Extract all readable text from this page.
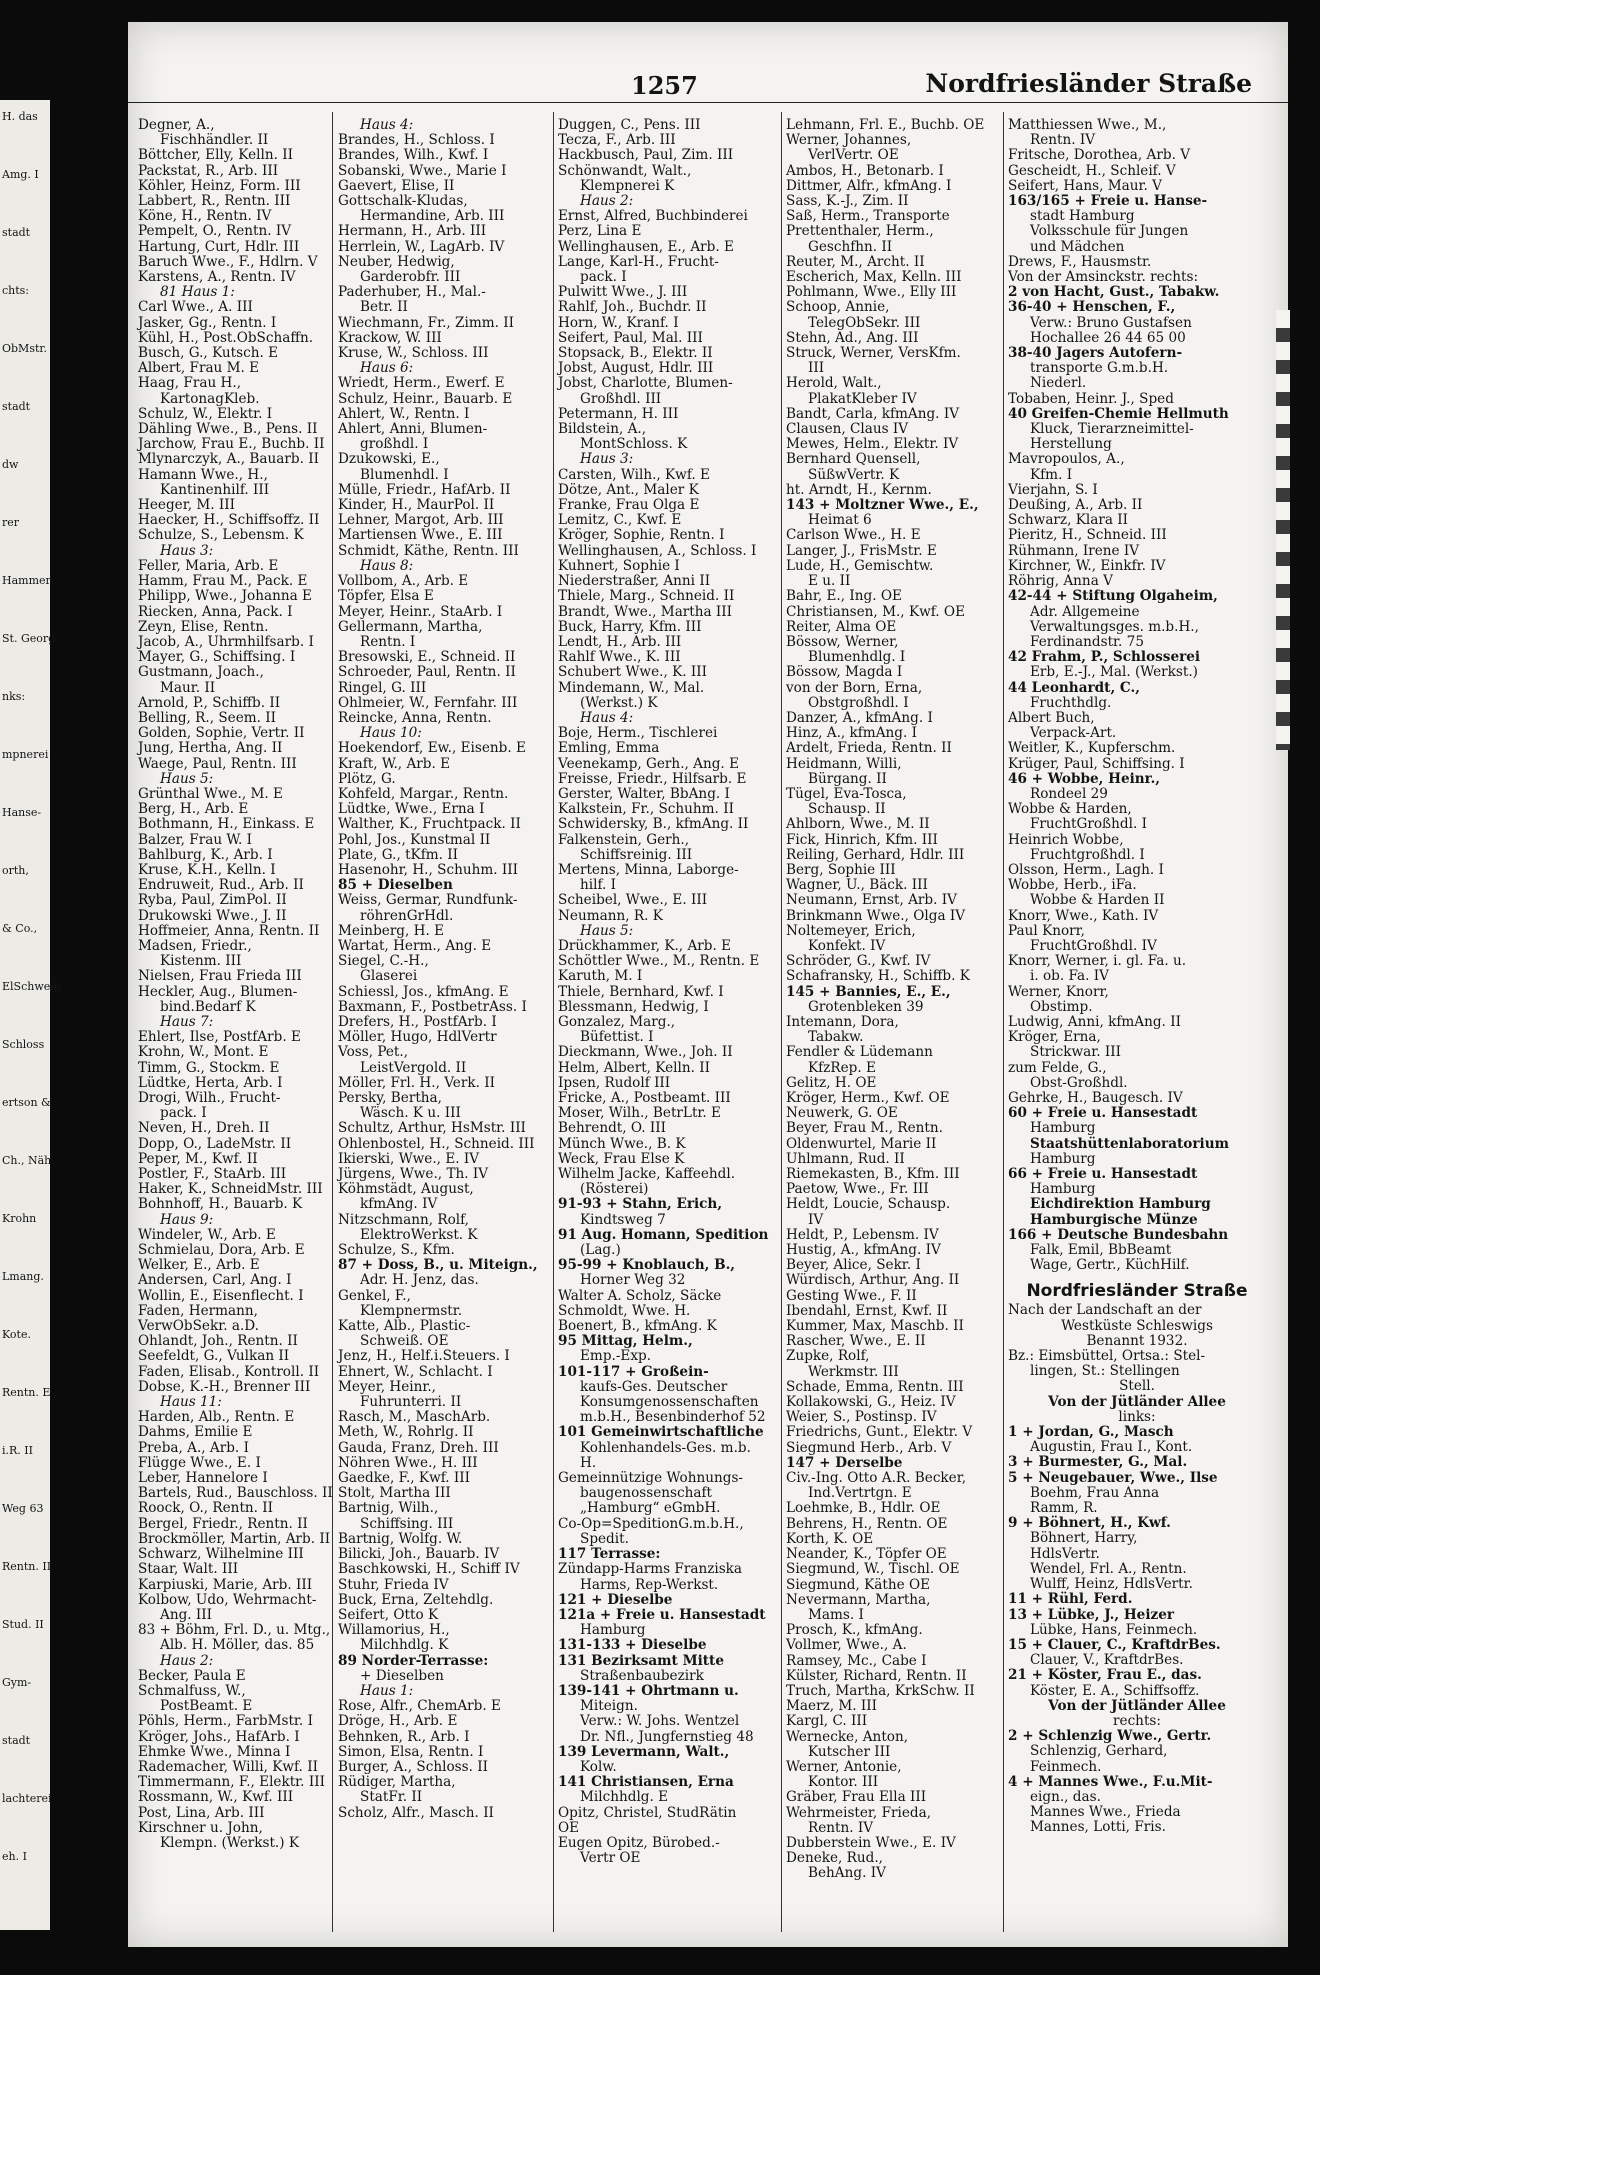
H. das
Amg. I
stadt
chts:
ObMstr.
stadt
dw
rer
Hammer-
St. Georg
nks:
mpnerei
Hanse-
orth,
& Co.,
ElSchweiß
Schloss
ertson &
Ch., Näh
Krohn
Lmang.
Kote.
Rentn. E
i.R. II
Weg 63
Rentn. II
Stud. II
Gym-
stadt
lachterei
eh. I
1257	Nordfriesländer Straße
Degner, A.,
Fischhändler. II
Böttcher, Elly, Kelln. II
Packstat, R., Arb. III
Köhler, Heinz, Form. III
Labbert, R., Rentn. III
Köne, H., Rentn. IV
Pempelt, O., Rentn. IV
Hartung, Curt, Hdlr. III
Baruch Wwe., F., Hdlrn. V
Karstens, A., Rentn. IV
81 Haus 1:
Carl Wwe., A. III
Jasker, Gg., Rentn. I
Kühl, H., Post.ObSchaffn.
Busch, G., Kutsch. E
Albert, Frau M. E
Haag, Frau H.,
KartonagKleb.
Schulz, W., Elektr. I
Dähling Wwe., B., Pens. II
Jarchow, Frau E., Buchb. II
Mlynarczyk, A., Bauarb. II
Hamann Wwe., H.,
Kantinenhilf. III
Heeger, M. III
Haecker, H., Schiffsoffz. II
Schulze, S., Lebensm. K
Haus 3:
Feller, Maria, Arb. E
Hamm, Frau M., Pack. E
Philipp, Wwe., Johanna E
Riecken, Anna, Pack. I
Zeyn, Elise, Rentn.
Jacob, A., Uhrmhilfsarb. I
Mayer, G., Schiffsing. I
Gustmann, Joach.,
Maur. II
Arnold, P., Schiffb. II
Belling, R., Seem. II
Golden, Sophie, Vertr. II
Jung, Hertha, Ang. II
Waege, Paul, Rentn. III
Haus 5:
Grünthal Wwe., M. E
Berg, H., Arb. E
Bothmann, H., Einkass. E
Balzer, Frau W. I
Bahlburg, K., Arb. I
Kruse, K.H., Kelln. I
Endruweit, Rud., Arb. II
Ryba, Paul, ZimPol. II
Drukowski Wwe., J. II
Hoffmeier, Anna, Rentn. II
Madsen, Friedr.,
Kistenm. III
Nielsen, Frau Frieda III
Heckler, Aug., Blumen-
bind.Bedarf K
Haus 7:
Ehlert, Ilse, PostfArb. E
Krohn, W., Mont. E
Timm, G., Stockm. E
Lüdtke, Herta, Arb. I
Drogi, Wilh., Frucht-
pack. I
Neven, H., Dreh. II
Dopp, O., LadeMstr. II
Peper, M., Kwf. II
Postler, F., StaArb. III
Haker, K., SchneidMstr. III
Bohnhoff, H., Bauarb. K
Haus 9:
Windeler, W., Arb. E
Schmielau, Dora, Arb. E
Welker, E., Arb. E
Andersen, Carl, Ang. I
Wollin, E., Eisenflecht. I
Faden, Hermann,
VerwObSekr. a.D.
Ohlandt, Joh., Rentn. II
Seefeldt, G., Vulkan II
Faden, Elisab., Kontroll. II
Dobse, K.-H., Brenner III
Haus 11:
Harden, Alb., Rentn. E
Dahms, Emilie E
Preba, A., Arb. I
Flügge Wwe., E. I
Leber, Hannelore I
Bartels, Rud., Bauschloss. II
Roock, O., Rentn. II
Bergel, Friedr., Rentn. II
Brockmöller, Martin, Arb. II
Schwarz, Wilhelmine III
Staar, Walt. III
Karpiuski, Marie, Arb. III
Kolbow, Udo, Wehrmacht-
Ang. III
83 + Böhm, Frl. D., u. Mtg.,
Alb. H. Möller, das. 85
Haus 2:
Becker, Paula E
Schmalfuss, W.,
PostBeamt. E
Pöhls, Herm., FarbMstr. I
Kröger, Johs., HafArb. I
Ehmke Wwe., Minna I
Rademacher, Willi, Kwf. II
Timmermann, F., Elektr. III
Rossmann, W., Kwf. III
Post, Lina, Arb. III
Kirschner u. John,
Klempn. (Werkst.) K
Haus 4:
Brandes, H., Schloss. I
Brandes, Wilh., Kwf. I
Sobanski, Wwe., Marie I
Gaevert, Elise, II
Gottschalk-Kludas,
Hermandine, Arb. III
Hermann, H., Arb. III
Herrlein, W., LagArb. IV
Neuber, Hedwig,
Garderobfr. III
Paderhuber, H., Mal.-
Betr. II
Wiechmann, Fr., Zimm. II
Krackow, W. III
Kruse, W., Schloss. III
Haus 6:
Wriedt, Herm., Ewerf. E
Schulz, Heinr., Bauarb. E
Ahlert, W., Rentn. I
Ahlert, Anni, Blumen-
großhdl. I
Dzukowski, E.,
Blumenhdl. I
Mülle, Friedr., HafArb. II
Kinder, H., MaurPol. II
Lehner, Margot, Arb. III
Martiensen Wwe., E. III
Schmidt, Käthe, Rentn. III
Haus 8:
Vollbom, A., Arb. E
Töpfer, Elsa E
Meyer, Heinr., StaArb. I
Gellermann, Martha,
Rentn. I
Bresowski, E., Schneid. II
Schroeder, Paul, Rentn. II
Ringel, G. III
Ohlmeier, W., Fernfahr. III
Reincke, Anna, Rentn.
Haus 10:
Hoekendorf, Ew., Eisenb. E
Kraft, W., Arb. E
Plötz, G.
Kohfeld, Margar., Rentn.
Lüdtke, Wwe., Erna I
Walther, K., Fruchtpack. II
Pohl, Jos., Kunstmal II
Plate, G., tKfm. II
Hasenohr, H., Schuhm. III
85 + Dieselben
Weiss, Germar, Rundfunk-
röhrenGrHdl.
Meinberg, H. E
Wartat, Herm., Ang. E
Siegel, C.-H.,
Glaserei
Schiessl, Jos., kfmAng. E
Baxmann, F., PostbetrAss. I
Drefers, H., PostfArb. I
Möller, Hugo, HdlVertr
Voss, Pet.,
LeistVergold. II
Möller, Frl. H., Verk. II
Persky, Bertha,
Wäsch. K u. III
Schultz, Arthur, HsMstr. III
Ohlenbostel, H., Schneid. III
Ikierski, Wwe., E. IV
Jürgens, Wwe., Th. IV
Köhmstädt, August,
kfmAng. IV
Nitzschmann, Rolf,
ElektroWerkst. K
Schulze, S., Kfm.
87 + Doss, B., u. Miteign.,
Adr. H. Jenz, das.
Genkel, F.,
Klempnermstr.
Katte, Alb., Plastic-
Schweiß. OE
Jenz, H., Helf.i.Steuers. I
Ehnert, W., Schlacht. I
Meyer, Heinr.,
Fuhrunterri. II
Rasch, M., MaschArb.
Meth, W., Rohrlg. II
Gauda, Franz, Dreh. III
Nöhren Wwe., H. III
Gaedke, F., Kwf. III
Stolt, Martha III
Bartnig, Wilh.,
Schiffsing. III
Bartnig, Wolfg. W.
Bilicki, Joh., Bauarb. IV
Baschkowski, H., Schiff IV
Stuhr, Frieda IV
Buck, Erna, Zeltehdlg.
Seifert, Otto K
Willamorius, H.,
Milchhdlg. K
89 Norder-Terrasse:
+ Dieselben
Haus 1:
Rose, Alfr., ChemArb. E
Dröge, H., Arb. E
Behnken, R., Arb. I
Simon, Elsa, Rentn. I
Burger, A., Schloss. II
Rüdiger, Martha,
StatFr. II
Scholz, Alfr., Masch. II
Duggen, C., Pens. III
Tecza, F., Arb. III
Hackbusch, Paul, Zim. III
Schönwandt, Walt.,
Klempnerei K
Haus 2:
Ernst, Alfred, Buchbinderei
Perz, Lina E
Wellinghausen, E., Arb. E
Lange, Karl-H., Frucht-
pack. I
Pulwitt Wwe., J. III
Rahlf, Joh., Buchdr. II
Horn, W., Kranf. I
Seifert, Paul, Mal. III
Stopsack, B., Elektr. II
Jobst, August, Hdlr. III
Jobst, Charlotte, Blumen-
Großhdl. III
Petermann, H. III
Bildstein, A.,
MontSchloss. K
Haus 3:
Carsten, Wilh., Kwf. E
Dötze, Ant., Maler K
Franke, Frau Olga E
Lemitz, C., Kwf. E
Kröger, Sophie, Rentn. I
Wellinghausen, A., Schloss. I
Kuhnert, Sophie I
Niederstraßer, Anni II
Thiele, Marg., Schneid. II
Brandt, Wwe., Martha III
Buck, Harry, Kfm. III
Lendt, H., Arb. III
Rahlf Wwe., K. III
Schubert Wwe., K. III
Mindemann, W., Mal.
(Werkst.) K
Haus 4:
Boje, Herm., Tischlerei
Emling, Emma
Veenekamp, Gerh., Ang. E
Freisse, Friedr., Hilfsarb. E
Gerster, Walter, BbAng. I
Kalkstein, Fr., Schuhm. II
Schwidersky, B., kfmAng. II
Falkenstein, Gerh.,
Schiffsreinig. III
Mertens, Minna, Laborge-
hilf. I
Scheibel, Wwe., E. III
Neumann, R. K
Haus 5:
Drückhammer, K., Arb. E
Schöttler Wwe., M., Rentn. E
Karuth, M. I
Thiele, Bernhard, Kwf. I
Blessmann, Hedwig, I
Gonzalez, Marg.,
Büfettist. I
Dieckmann, Wwe., Joh. II
Helm, Albert, Kelln. II
Ipsen, Rudolf III
Fricke, A., Postbeamt. III
Moser, Wilh., BetrLtr. E
Behrendt, O. III
Münch Wwe., B. K
Weck, Frau Else K
Wilhelm Jacke, Kaffeehdl.
(Rösterei)
91-93 + Stahn, Erich,
Kindtsweg 7
91 Aug. Homann, Spedition
(Lag.)
95-99 + Knoblauch, B.,
Horner Weg 32
Walter A. Scholz, Säcke
Schmoldt, Wwe. H.
Boenert, B., kfmAng. K
95 Mittag, Helm.,
Emp.-Exp.
101-117 + Großein-
kaufs-Ges. Deutscher
Konsumgenossenschaften
m.b.H., Besenbinderhof 52
101 Gemeinwirtschaftliche
Kohlenhandels-Ges. m.b.
H.
Gemeinnützige Wohnungs-
baugenossenschaft
„Hamburg“ eGmbH.
Co-Op=SpeditionG.m.b.H.,
Spedit.
117 Terrasse:
Zündapp-Harms Franziska
Harms, Rep-Werkst.
121 + Dieselbe
121a + Freie u. Hansestadt
Hamburg
131-133 + Dieselbe
131 Bezirksamt Mitte
Straßenbaubezirk
139-141 + Ohrtmann u.
Miteign.
Verw.: W. Johs. Wentzel
Dr. Nfl., Jungfernstieg 48
139 Levermann, Walt.,
Kolw.
141 Christiansen, Erna
Milchhdlg. E
Opitz, Christel, StudRätin
OE
Eugen Opitz, Bürobed.-
Vertr OE
Lehmann, Frl. E., Buchb. OE
Werner, Johannes,
VerlVertr. OE
Ambos, H., Betonarb. I
Dittmer, Alfr., kfmAng. I
Sass, K.-J., Zim. II
Saß, Herm., Transporte
Prettenthaler, Herm.,
Geschfhn. II
Reuter, M., Archt. II
Escherich, Max, Kelln. III
Pohlmann, Wwe., Elly III
Schoop, Annie,
TelegObSekr. III
Stehn, Ad., Ang. III
Struck, Werner, VersKfm.
III
Herold, Walt.,
PlakatKleber IV
Bandt, Carla, kfmAng. IV
Clausen, Claus IV
Mewes, Helm., Elektr. IV
Bernhard Quensell,
SüßwVertr. K
ht. Arndt, H., Kernm.
143 + Moltzner Wwe., E.,
Heimat 6
Carlson Wwe., H. E
Langer, J., FrisMstr. E
Lude, H., Gemischtw.
E u. II
Bahr, E., Ing. OE
Christiansen, M., Kwf. OE
Reiter, Alma OE
Bössow, Werner,
Blumenhdlg. I
Bössow, Magda I
von der Born, Erna,
Obstgroßhdl. I
Danzer, A., kfmAng. I
Hinz, A., kfmAng. I
Ardelt, Frieda, Rentn. II
Heidmann, Willi,
Bürgang. II
Tügel, Eva-Tosca,
Schausp. II
Ahlborn, Wwe., M. II
Fick, Hinrich, Kfm. III
Reiling, Gerhard, Hdlr. III
Berg, Sophie III
Wagner, U., Bäck. III
Neumann, Ernst, Arb. IV
Brinkmann Wwe., Olga IV
Noltemeyer, Erich,
Konfekt. IV
Schröder, G., Kwf. IV
Schafransky, H., Schiffb. K
145 + Bannies, E., E.,
Grotenbleken 39
Intemann, Dora,
Tabakw.
Fendler & Lüdemann
KfzRep. E
Gelitz, H. OE
Kröger, Herm., Kwf. OE
Neuwerk, G. OE
Beyer, Frau M., Rentn.
Oldenwurtel, Marie II
Uhlmann, Rud. II
Riemekasten, B., Kfm. III
Paetow, Wwe., Fr. III
Heldt, Loucie, Schausp.
IV
Heldt, P., Lebensm. IV
Hustig, A., kfmAng. IV
Beyer, Alice, Sekr. I
Würdisch, Arthur, Ang. II
Gesting Wwe., F. II
Ibendahl, Ernst, Kwf. II
Kummer, Max, Maschb. II
Rascher, Wwe., E. II
Zupke, Rolf,
Werkmstr. III
Schade, Emma, Rentn. III
Kollakowski, G., Heiz. IV
Weier, S., Postinsp. IV
Friedrichs, Gunt., Elektr. V
Siegmund Herb., Arb. V
147 + Derselbe
Civ.-Ing. Otto A.R. Becker,
Ind.Vertrtgn. E
Loehmke, B., Hdlr. OE
Behrens, H., Rentn. OE
Korth, K. OE
Neander, K., Töpfer OE
Siegmund, W., Tischl. OE
Siegmund, Käthe OE
Nevermann, Martha,
Mams. I
Prosch, K., kfmAng.
Vollmer, Wwe., A.
Ramsey, Mc., Cabe I
Külster, Richard, Rentn. II
Truch, Martha, KrkSchw. II
Maerz, M. III
Kargl, C. III
Wernecke, Anton,
Kutscher III
Werner, Antonie,
Kontor. III
Gräber, Frau Ella III
Wehrmeister, Frieda,
Rentn. IV
Dubberstein Wwe., E. IV
Deneke, Rud.,
BehAng. IV
Matthiessen Wwe., M.,
Rentn. IV
Fritsche, Dorothea, Arb. V
Gescheidt, H., Schleif. V
Seifert, Hans, Maur. V
163/165 + Freie u. Hanse-
stadt Hamburg
Volksschule für Jungen
und Mädchen
Drews, F., Hausmstr.
Von der Amsinckstr. rechts:
2 von Hacht, Gust., Tabakw.
36-40 + Henschen, F.,
Verw.: Bruno Gustafsen
Hochallee 26 44 65 00
38-40 Jagers Autofern-
transporte G.m.b.H.
Niederl.
Tobaben, Heinr. J., Sped
40 Greifen-Chemie Hellmuth
Kluck, Tierarzneimittel-
Herstellung
Mavropoulos, A.,
Kfm. I
Vierjahn, S. I
Deußing, A., Arb. II
Schwarz, Klara II
Pieritz, H., Schneid. III
Rühmann, Irene IV
Kirchner, W., Einkfr. IV
Röhrig, Anna V
42-44 + Stiftung Olgaheim,
Adr. Allgemeine
Verwaltungsges. m.b.H.,
Ferdinandstr. 75
42 Frahm, P., Schlosserei
Erb, E.-J., Mal. (Werkst.)
44 Leonhardt, C.,
Fruchthdlg.
Albert Buch,
Verpack-Art.
Weitler, K., Kupferschm.
Krüger, Paul, Schiffsing. I
46 + Wobbe, Heinr.,
Rondeel 29
Wobbe & Harden,
FruchtGroßhdl. I
Heinrich Wobbe,
Fruchtgroßhdl. I
Olsson, Herm., Lagh. I
Wobbe, Herb., iFa.
Wobbe & Harden II
Knorr, Wwe., Kath. IV
Paul Knorr,
FruchtGroßhdl. IV
Knorr, Werner, i. gl. Fa. u.
i. ob. Fa. IV
Werner, Knorr,
Obstimp.
Ludwig, Anni, kfmAng. II
Kröger, Erna,
Strickwar. III
zum Felde, G.,
Obst-Großhdl.
Gehrke, H., Baugesch. IV
60 + Freie u. Hansestadt
Hamburg
Staatshüttenlaboratorium
Hamburg
66 + Freie u. Hansestadt
Hamburg
Eichdirektion Hamburg
Hamburgische Münze
166 + Deutsche Bundesbahn
Falk, Emil, BbBeamt
Wage, Gertr., KüchHilf.
Nordfriesländer Straße
Nach der Landschaft an der
Westküste Schleswigs
Benannt 1932.
Bz.: Eimsbüttel, Ortsa.: Stel-
lingen, St.: Stellingen
Stell.
Von der Jütländer Allee
links:
1 + Jordan, G., Masch
Augustin, Frau I., Kont.
3 + Burmester, G., Mal.
5 + Neugebauer, Wwe., Ilse
Boehm, Frau Anna
Ramm, R.
9 + Böhnert, H., Kwf.
Böhnert, Harry,
HdlsVertr.
Wendel, Frl. A., Rentn.
Wulff, Heinz, HdlsVertr.
11 + Rühl, Ferd.
13 + Lübke, J., Heizer
Lübke, Hans, Feinmech.
15 + Clauer, C., KraftdrBes.
Clauer, V., KraftdrBes.
21 + Köster, Frau E., das.
Köster, E. A., Schiffsoffz.
Von der Jütländer Allee
rechts:
2 + Schlenzig Wwe., Gertr.
Schlenzig, Gerhard,
Feinmech.
4 + Mannes Wwe., F.u.Mit-
eign., das.
Mannes Wwe., Frieda
Mannes, Lotti, Fris.
